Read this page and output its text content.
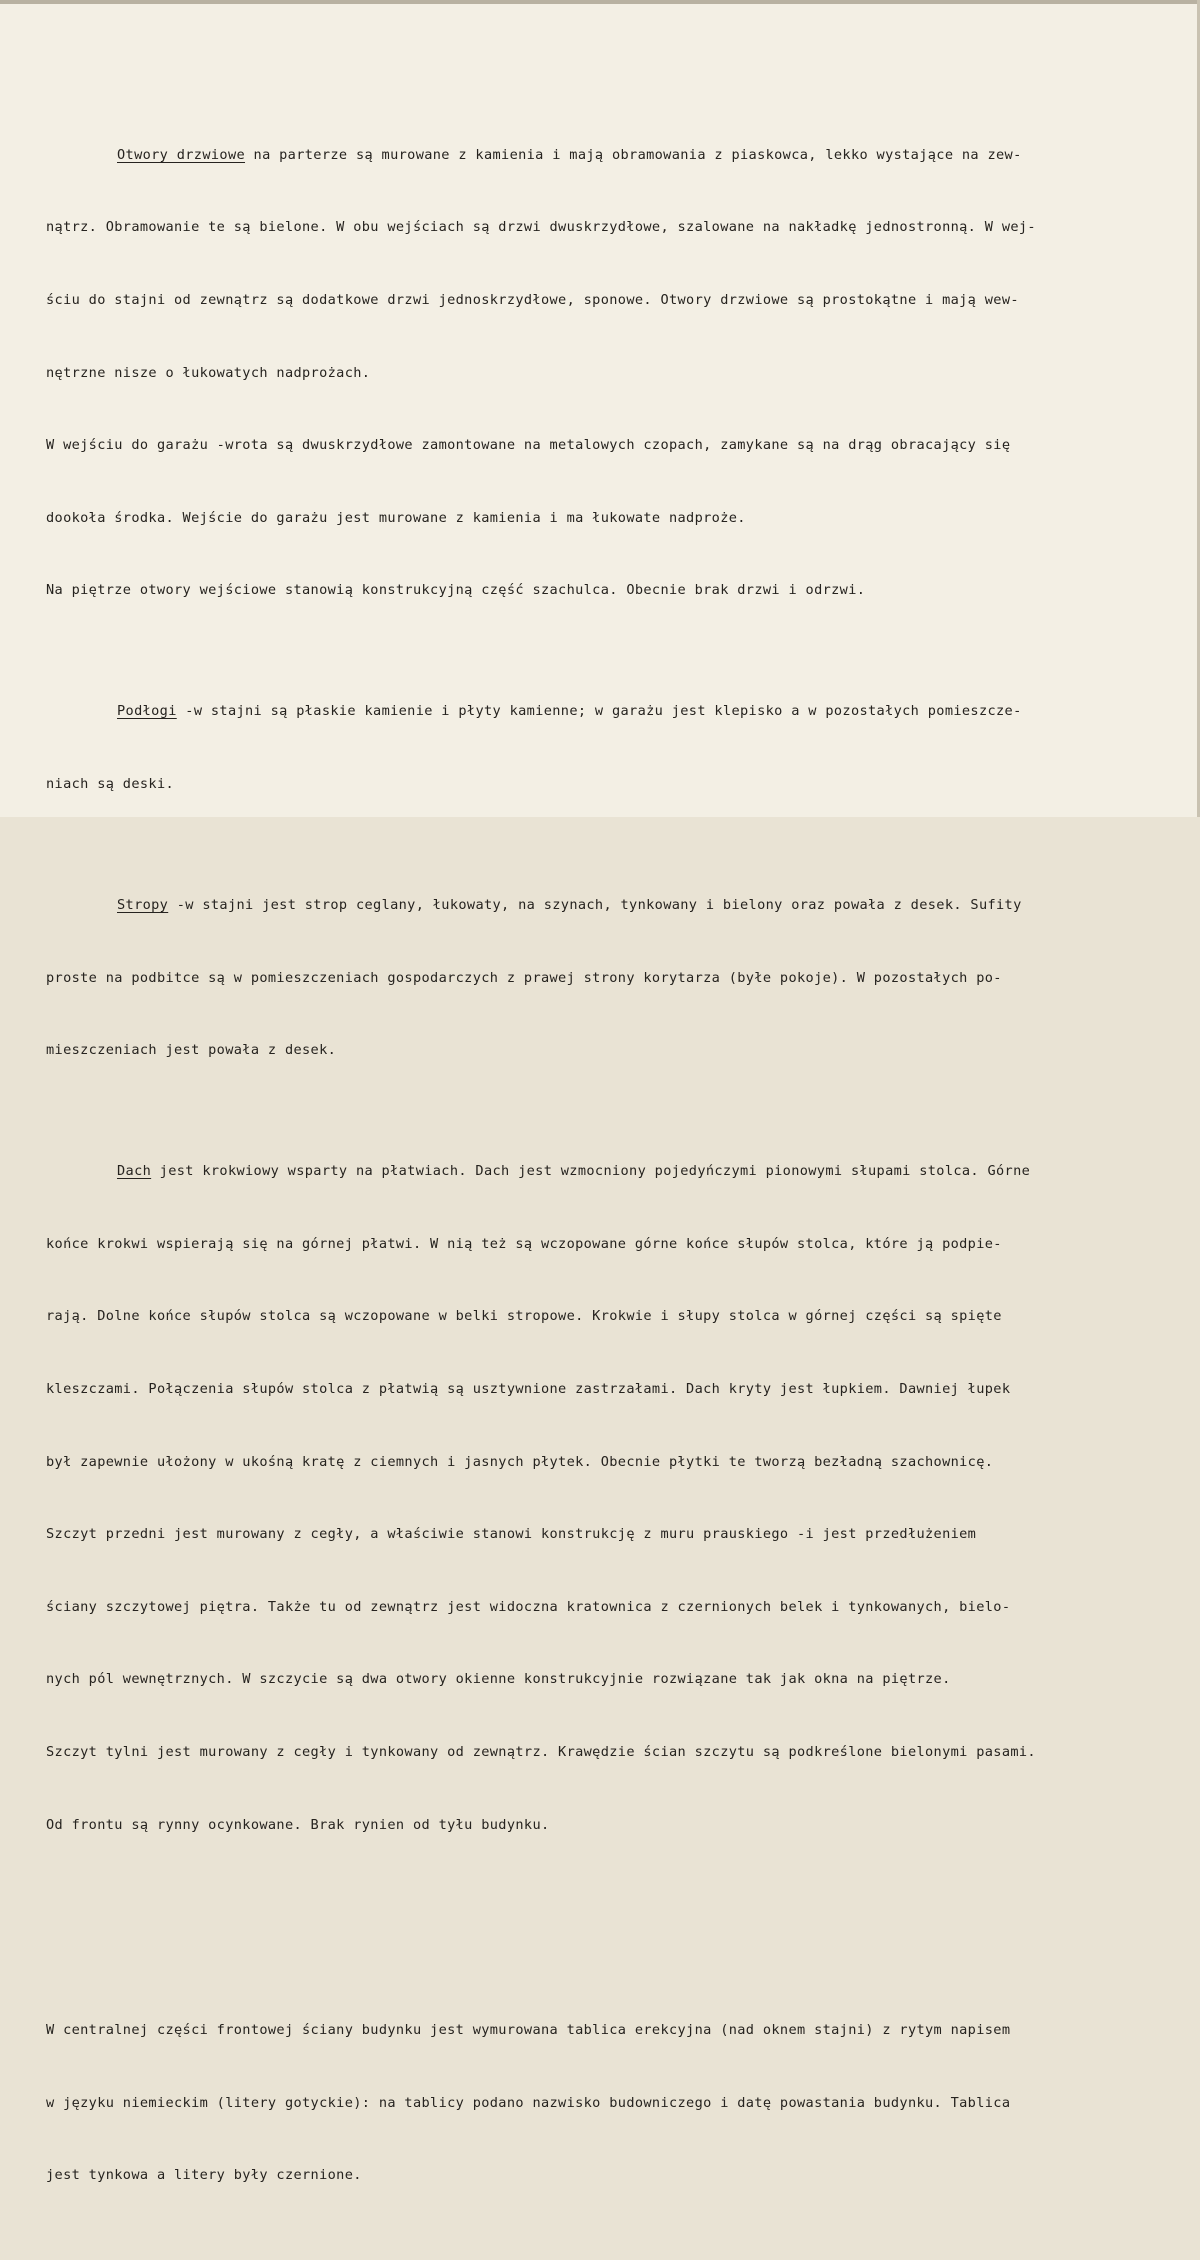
Otwory drzwiowe na parterze są murowane z kamienia i mają obramowania z piaskowca, lekko wystające na zew-

nątrz. Obramowanie te są bielone. W obu wejściach są drzwi dwuskrzydłowe, szalowane na nakładkę jednostronną. W wej-

ściu do stajni od zewnątrz są dodatkowe drzwi jednoskrzydłowe, sponowe. Otwory drzwiowe są prostokątne i mają wew-

nętrzne nisze o łukowatych nadprożach.

W wejściu do garażu -wrota są dwuskrzydłowe zamontowane na metalowych czopach, zamykane są na drąg obracający się

dookoła środka. Wejście do garażu jest murowane z kamienia i ma łukowate nadproże.

Na piętrze otwory wejściowe stanowią konstrukcyjną część szachulca. Obecnie brak drzwi i odrzwi.

Podłogi -w stajni są płaskie kamienie i płyty kamienne; w garażu jest klepisko a w pozostałych pomieszcze-

niach są deski.

Stropy -w stajni jest strop ceglany, łukowaty, na szynach, tynkowany i bielony oraz powała z desek. Sufity

proste na podbitce są w pomieszczeniach gospodarczych z prawej strony korytarza (byłe pokoje). W pozostałych po-

mieszczeniach jest powała z desek.

Dach jest krokwiowy wsparty na płatwiach. Dach jest wzmocniony pojedyńczymi pionowymi słupami stolca. Górne

końce krokwi wspierają się na górnej płatwi. W nią też są wczopowane górne końce słupów stolca, które ją podpie-

rają. Dolne końce słupów stolca są wczopowane w belki stropowe. Krokwie i słupy stolca w górnej części są spięte

kleszczami. Połączenia słupów stolca z płatwią są usztywnione zastrzałami. Dach kryty jest łupkiem. Dawniej łupek

był zapewnie ułożony w ukośną kratę z ciemnych i jasnych płytek. Obecnie płytki te tworzą bezładną szachownicę.

Szczyt przedni jest murowany z cegły, a właściwie stanowi konstrukcję z muru prauskiego -i jest przedłużeniem

ściany szczytowej piętra. Także tu od zewnątrz jest widoczna kratownica z czernionych belek i tynkowanych, bielo-

nych pól wewnętrznych. W szczycie są dwa otwory okienne konstrukcyjnie rozwiązane tak jak okna na piętrze.

Szczyt tylni jest murowany z cegły i tynkowany od zewnątrz. Krawędzie ścian szczytu są podkreślone bielonymi pasami.

Od frontu są rynny ocynkowane. Brak rynien od tyłu budynku.

W centralnej części frontowej ściany budynku jest wymurowana tablica erekcyjna (nad oknem stajni) z rytym napisem

w języku niemieckim (litery gotyckie): na tablicy podano nazwisko budowniczego i datę powastania budynku. Tablica

jest tynkowa a litery były czernione.
